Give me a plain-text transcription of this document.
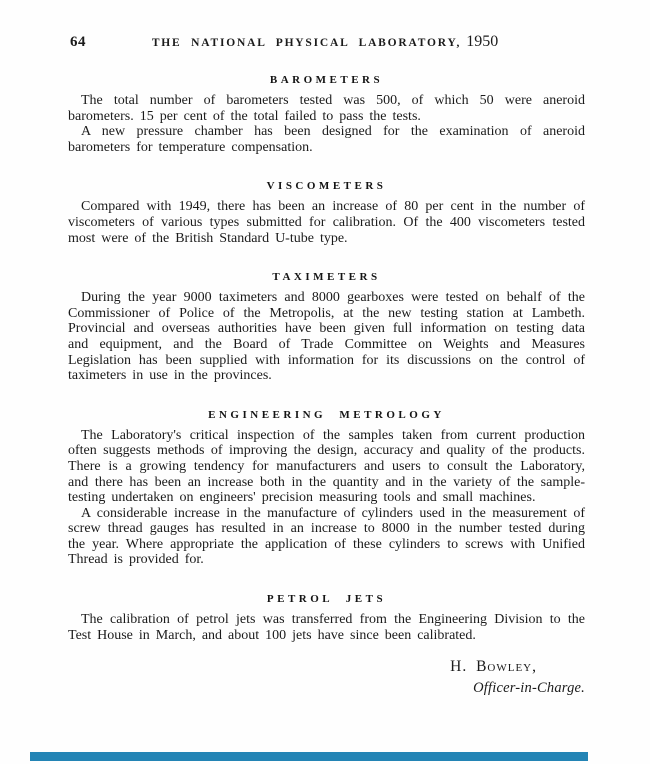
64	THE NATIONAL PHYSICAL LABORATORY, 1950
BAROMETERS

The total number of barometers tested was 500, of which 50 were aneroid barometers. 15 per cent of the total failed to pass the tests.

A new pressure chamber has been designed for the examination of aneroid barometers for temperature compensation.

VISCOMETERS

Compared with 1949, there has been an increase of 80 per cent in the number of viscometers of various types submitted for calibration. Of the 400 viscometers tested most were of the British Standard U-tube type.

TAXIMETERS

During the year 9000 taximeters and 8000 gearboxes were tested on behalf of the Commissioner of Police of the Metropolis, at the new testing station at Lambeth. Provincial and overseas authorities have been given full information on testing data and equipment, and the Board of Trade Committee on Weights and Measures Legislation has been supplied with information for its discussions on the control of taximeters in use in the provinces.

ENGINEERING METROLOGY

The Laboratory's critical inspection of the samples taken from current production often suggests methods of improving the design, accuracy and quality of the products. There is a growing tendency for manufacturers and users to consult the Laboratory, and there has been an increase both in the quantity and in the variety of the sample-testing undertaken on engineers' precision measuring tools and small machines.

A considerable increase in the manufacture of cylinders used in the measurement of screw thread gauges has resulted in an increase to 8000 in the number tested during the year. Where appropriate the application of these cylinders to screws with Unified Thread is provided for.

PETROL JETS

The calibration of petrol jets was transferred from the Engineering Division to the Test House in March, and about 100 jets have since been calibrated.

H. Bowley,
Officer-in-Charge.
